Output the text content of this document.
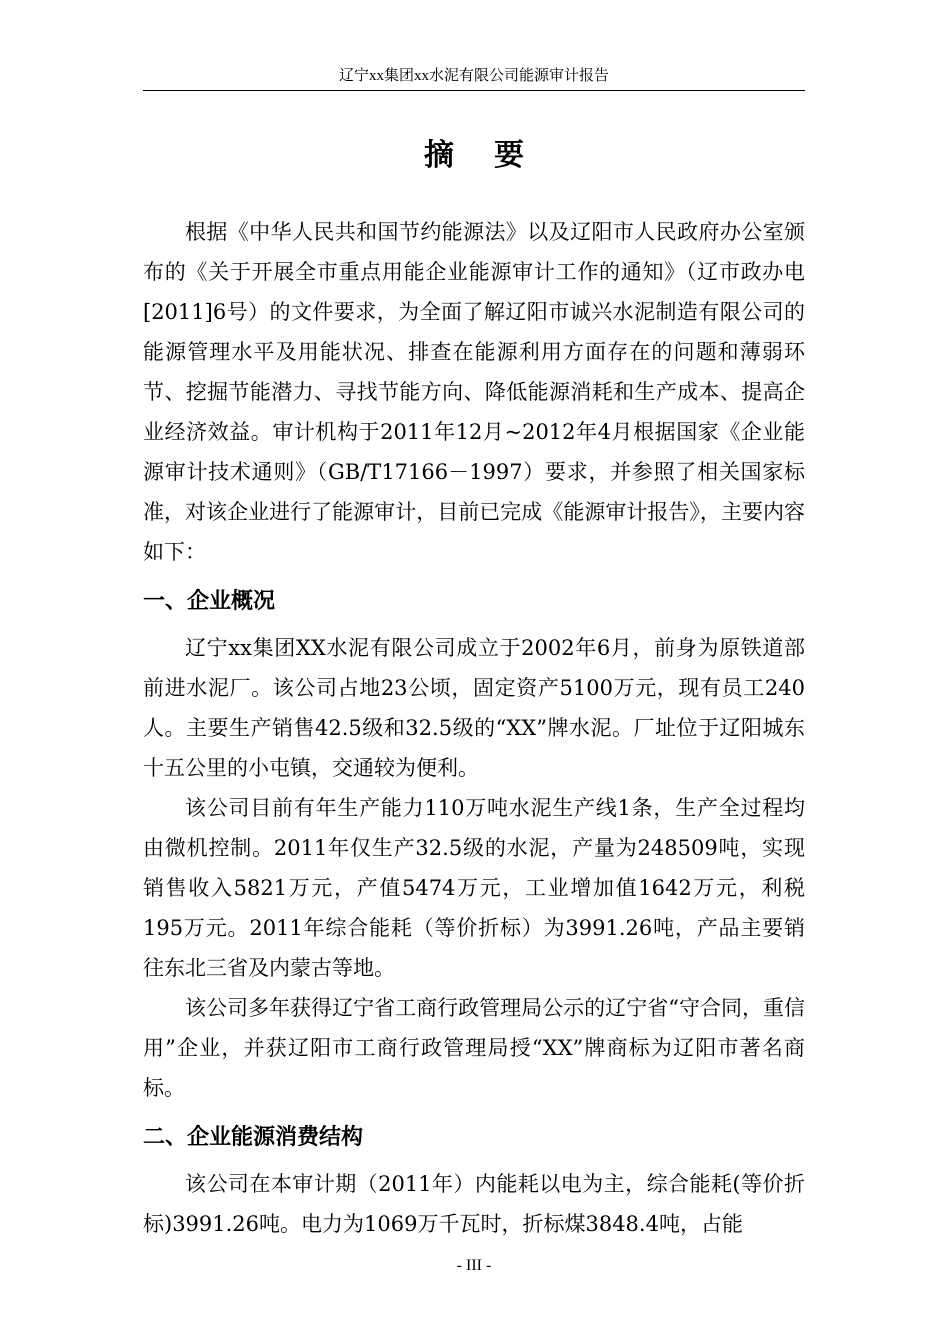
辽宁xx集团xx水泥有限公司能源审计报告
摘 要

根据《中华人民共和国节约能源法》以及辽阳市人民政府办公室颁布的《关于开展全市重点用能企业能源审计工作的通知》（辽市政办电[2011]6号）的文件要求，为全面了解辽阳市诚兴水泥制造有限公司的能源管理水平及用能状况、排查在能源利用方面存在的问题和薄弱环节、挖掘节能潜力、寻找节能方向、降低能源消耗和生产成本、提高企业经济效益。审计机构于2011年12月~2012年4月根据国家《企业能源审计技术通则》（GB/T17166－1997）要求，并参照了相关国家标准，对该企业进行了能源审计，目前已完成《能源审计报告》，主要内容如下：

一、企业概况

辽宁xx集团XX水泥有限公司成立于2002年6月，前身为原铁道部前进水泥厂。该公司占地23公顷，固定资产5100万元，现有员工240人。主要生产销售42.5级和32.5级的“XX”牌水泥。厂址位于辽阳城东十五公里的小屯镇，交通较为便利。

该公司目前有年生产能力110万吨水泥生产线1条，生产全过程均由微机控制。2011年仅生产32.5级的水泥，产量为248509吨，实现销售收入5821万元，产值5474万元，工业增加值1642万元，利税195万元。2011年综合能耗（等价折标）为3991.26吨，产品主要销往东北三省及内蒙古等地。

该公司多年获得辽宁省工商行政管理局公示的辽宁省“守合同，重信用”企业，并获辽阳市工商行政管理局授“XX”牌商标为辽阳市著名商标。

二、企业能源消费结构

该公司在本审计期（2011年）内能耗以电为主，综合能耗(等价折标)3991.26吨。电力为1069万千瓦时，折标煤3848.4吨，占能

- III -
